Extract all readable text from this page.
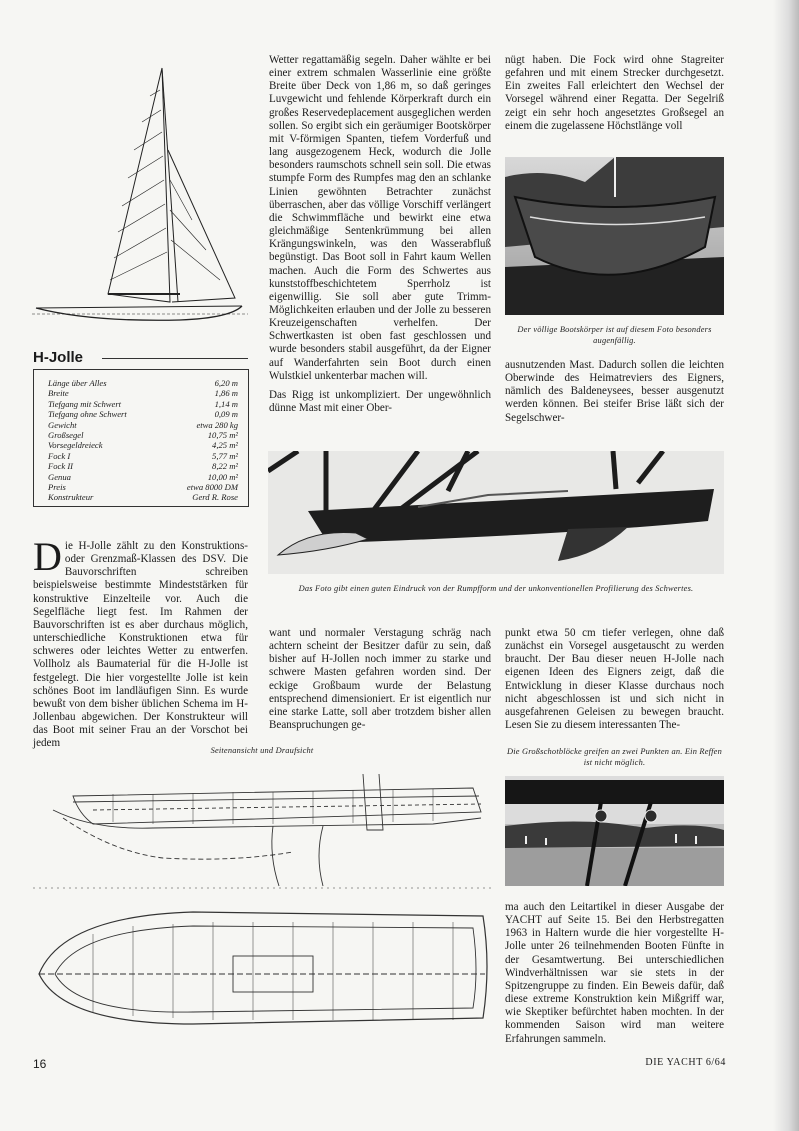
H-Jolle
Länge über Alles	6,20 m
Breite	1,86 m
Tiefgang mit Schwert	1,14 m
Tiefgang ohne Schwert	0,09 m
Gewicht	etwa 280 kg
Großsegel	10,75 m²
Vorsegeldreieck	4,25 m²
Fock I	5,77 m²
Fock II	8,22 m²
Genua	10,00 m²
Preis	etwa 8000 DM
Konstrukteur	Gerd R. Rose
Die H-Jolle zählt zu den Konstruktions- oder Grenzmaß-Klassen des DSV. Die Bauvorschriften schreiben beispielsweise bestimmte Mindeststärken für konstruktive Einzelteile vor. Auch die Segelfläche liegt fest. Im Rahmen der Bauvorschriften ist es aber durchaus möglich, unterschiedliche Konstruktionen etwa für schweres oder leichtes Wetter zu entwerfen. Vollholz als Baumaterial für die H-Jolle ist festgelegt. Die hier vorgestellte Jolle ist kein schönes Boot im landläufigen Sinn. Es wurde bewußt von dem bisher üblichen Schema im H-Jollenbau abgewichen. Der Konstrukteur will das Boot mit seiner Frau an der Vorschot bei jedem

Wetter regattamäßig segeln. Daher wählte er bei einer extrem schmalen Wasserlinie eine größte Breite über Deck von 1,86 m, so daß geringes Luvgewicht und fehlende Körperkraft durch ein großes Reservedeplacement ausgeglichen werden sollen. So ergibt sich ein geräumiger Bootskörper mit V-förmigen Spanten, tiefem Vorderfuß und lang ausgezogenem Heck, wodurch die Jolle besonders raumschots schnell sein soll. Die etwas stumpfe Form des Rumpfes mag den an schlanke Linien gewöhnten Betrachter zunächst überraschen, aber das völlige Vorschiff verlängert die Schwimmfläche und bewirkt eine etwa gleichmäßige Sentenkrümmung bei allen Krängungswinkeln, was den Wasserabfluß begünstigt. Das Boot soll in Fahrt kaum Wellen machen. Auch die Form des Schwertes aus kunststoffbeschichtetem Sperrholz ist eigenwillig. Sie soll aber gute Trimm-Möglichkeiten erlauben und der Jolle zu besseren Kreuzeigenschaften verhelfen. Der Schwertkasten ist oben fast geschlossen und wurde besonders stabil ausgeführt, da der Eigner auf Wanderfahrten sein Boot durch einen Wulstkiel unkenterbar machen will.

Das Rigg ist unkompliziert. Der ungewöhnlich dünne Mast mit einer Ober-

nügt haben. Die Fock wird ohne Stagreiter gefahren und mit einem Strecker durchgesetzt. Ein zweites Fall erleichtert den Wechsel der Vorsegel während einer Regatta. Der Segelriß zeigt ein sehr hoch angesetztes Großsegel an einem die zugelassene Höchstlänge voll

Der völlige Bootskörper ist auf diesem Foto besonders augenfällig.

ausnutzenden Mast. Dadurch sollen die leichten Oberwinde des Heimatreviers des Eigners, nämlich des Baldeneysees, besser ausgenutzt werden können. Bei steifer Brise läßt sich der Segelschwer-

Das Foto gibt einen guten Eindruck von der Rumpfform und der unkonventionellen Profilierung des Schwertes.

want und normaler Verstagung schräg nach achtern scheint der Besitzer dafür zu sein, daß bisher auf H-Jollen noch immer zu starke und schwere Masten gefahren worden sind. Der eckige Großbaum wurde der Belastung entsprechend dimensioniert. Er ist eigentlich nur eine starke Latte, soll aber trotzdem bisher allen Beanspruchungen ge-

punkt etwa 50 cm tiefer verlegen, ohne daß zunächst ein Vorsegel ausgetauscht zu werden braucht. Der Bau dieser neuen H-Jolle nach eigenen Ideen des Eigners zeigt, daß die Entwicklung in dieser Klasse durchaus noch nicht abgeschlossen ist und sich nicht in ausgefahrenen Geleisen zu bewegen braucht. Lesen Sie zu diesem interessanten The-

Seitenansicht und Draufsicht	Die Großschotblöcke greifen an zwei Punkten an. Ein Reffen ist nicht möglich.

ma auch den Leitartikel in dieser Ausgabe der YACHT auf Seite 15. Bei den Herbstregatten 1963 in Haltern wurde die hier vorgestellte H-Jolle unter 26 teilnehmenden Booten Fünfte in der Gesamtwertung. Bei unterschiedlichen Windverhältnissen war sie stets in der Spitzengruppe zu finden. Ein Beweis dafür, daß diese extreme Konstruktion kein Mißgriff war, wie Skeptiker befürchtet haben mochten. In der kommenden Saison wird man weitere Erfahrungen sammeln.

16	DIE YACHT 6/64
